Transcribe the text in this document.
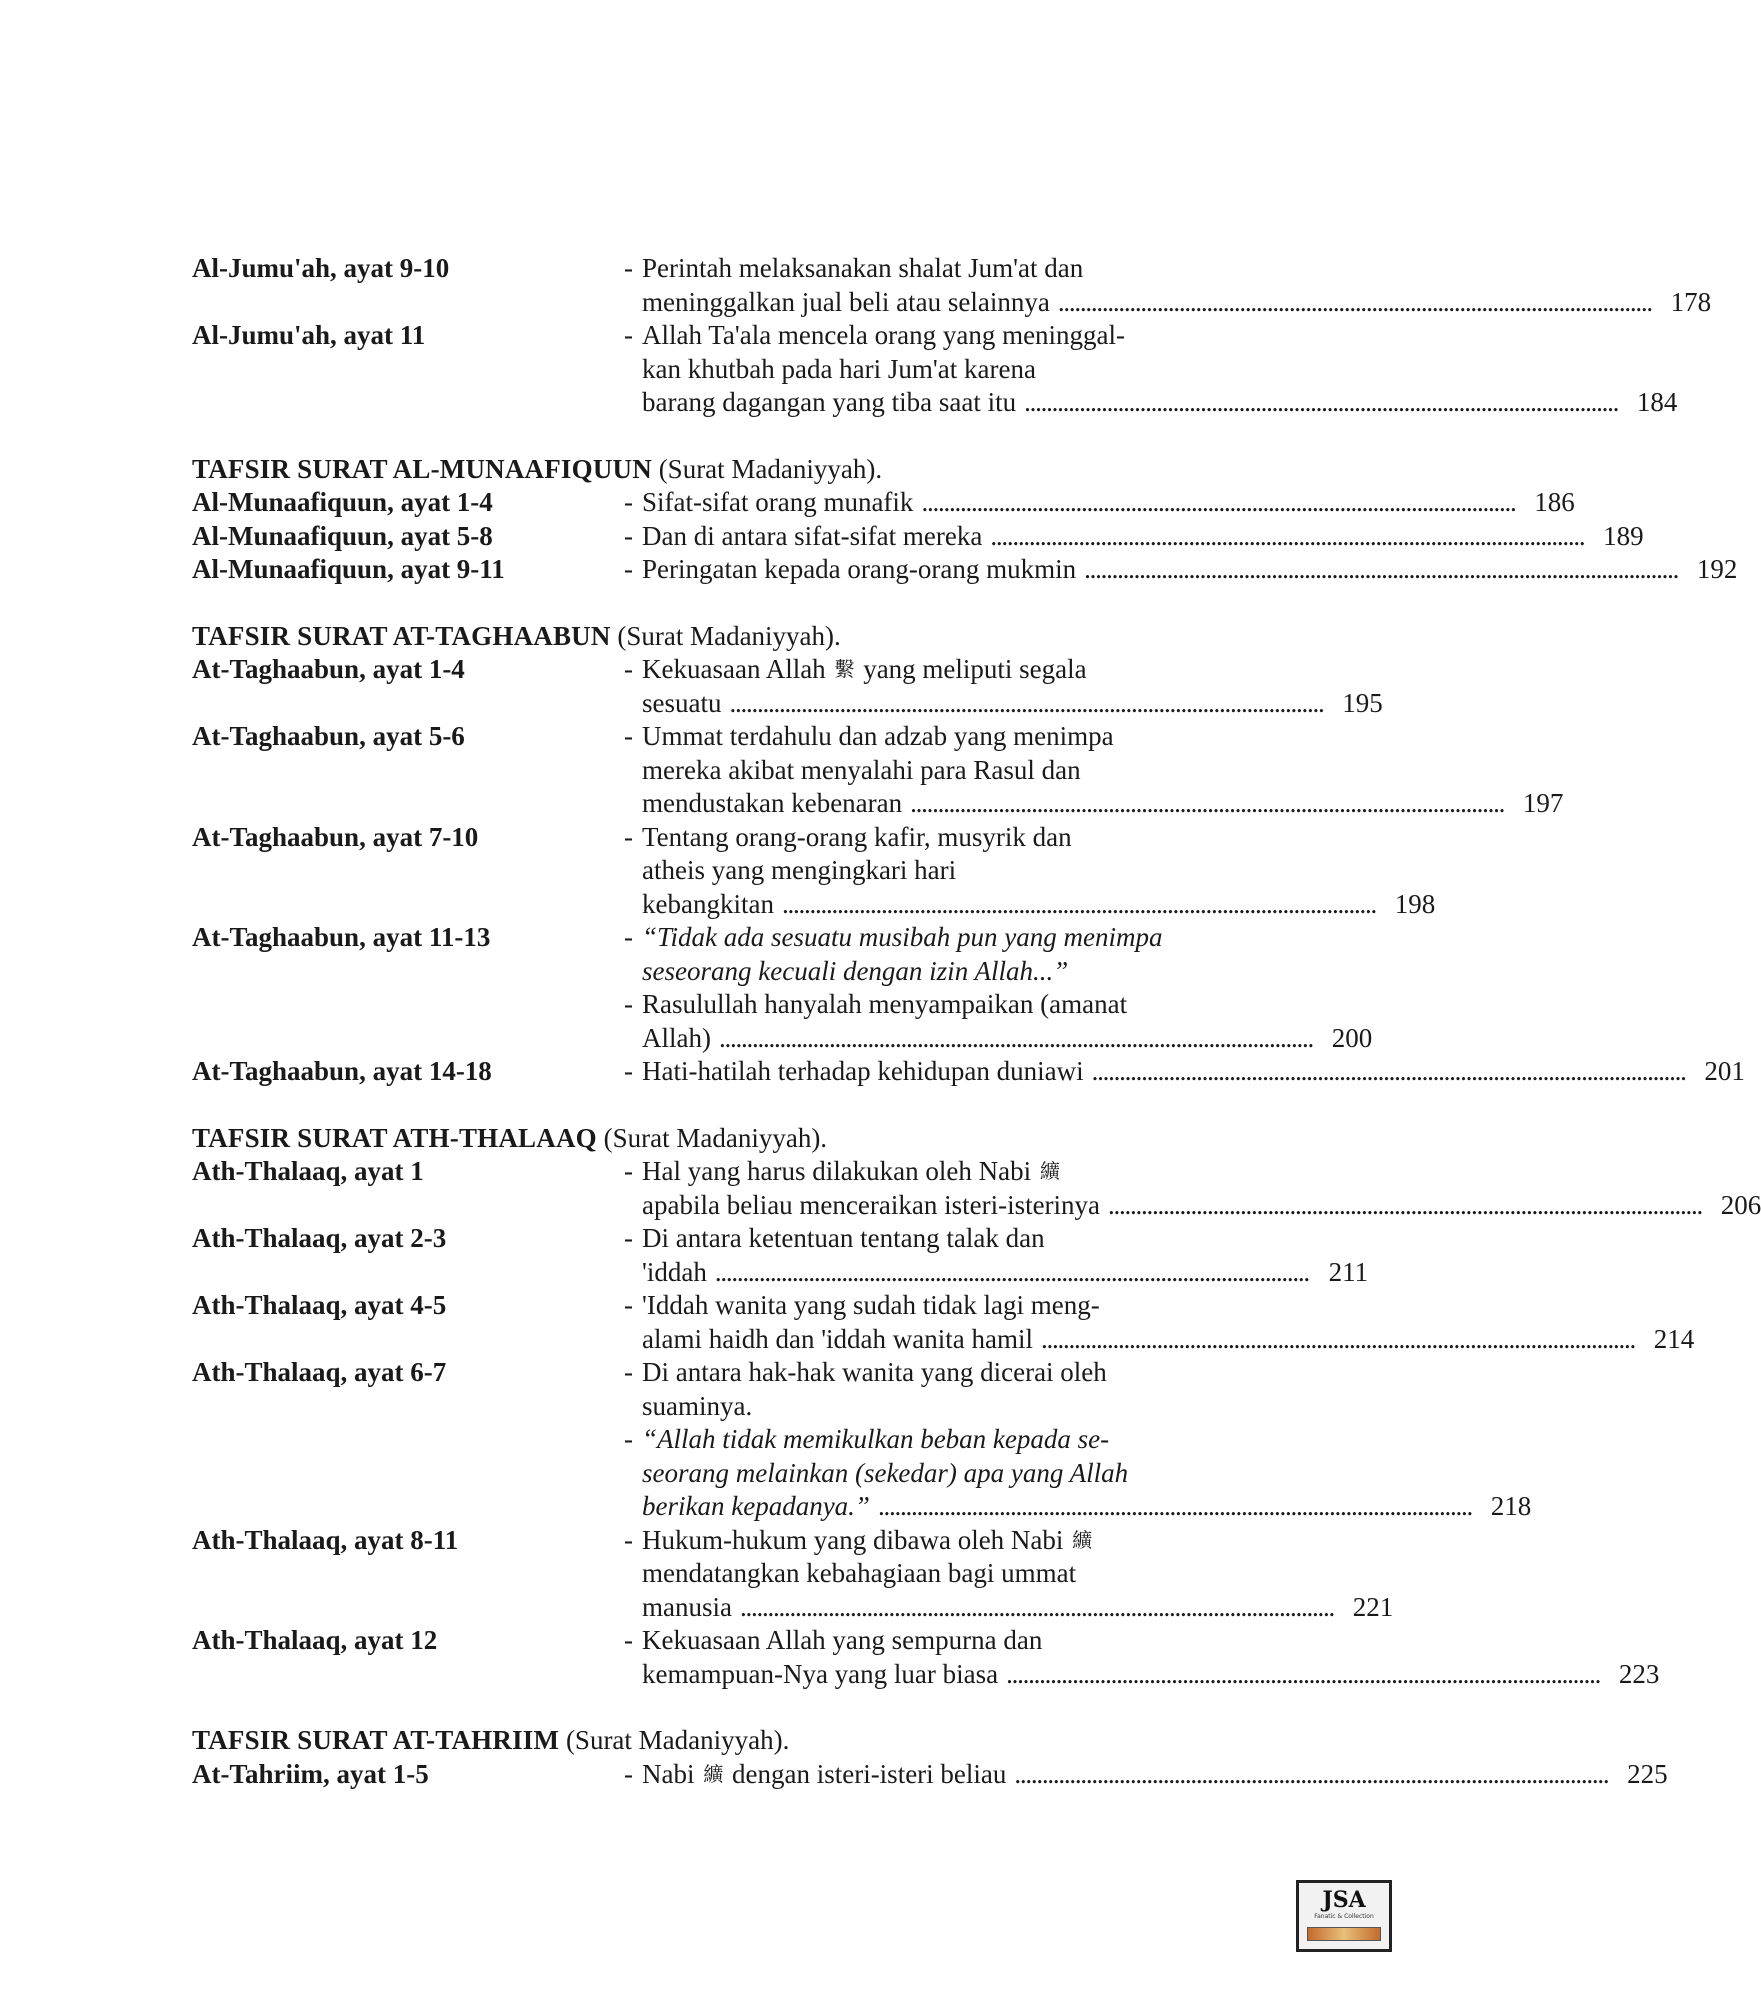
Al-Jumu'ah, ayat 9-10	- Perintah melaksanakan shalat Jum'at dan
meninggalkan jual beli atau selainnya . . .	178
Al-Jumu'ah, ayat 11	- Allah Ta'ala mencela orang yang meninggal-
kan khutbah pada hari Jum'at karena
barang dagangan yang tiba saat itu . . .	184
TAFSIR SURAT AL-MUNAAFIQUUN (Surat Madaniyyah).
Al-Munaafiquun, ayat 1-4	- Sifat-sifat orang munafik . . .	186
Al-Munaafiquun, ayat 5-8	- Dan di antara sifat-sifat mereka . . .	189
Al-Munaafiquun, ayat 9-11	- Peringatan kepada orang-orang mukmin . . .	192
TAFSIR SURAT AT-TAGHAABUN (Surat Madaniyyah).
At-Taghaabun, ayat 1-4	- Kekuasaan Allah 繫 yang meliputi segala
sesuatu . . .	195
At-Taghaabun, ayat 5-6	- Ummat terdahulu dan adzab yang menimpa
mereka akibat menyalahi para Rasul dan
mendustakan kebenaran . . .	197
At-Taghaabun, ayat 7-10	- Tentang orang-orang kafir, musyrik dan
atheis yang mengingkari hari
kebangkitan . . .	198
At-Taghaabun, ayat 11-13	- “Tidak ada sesuatu musibah pun yang menimpa
seseorang kecuali dengan izin Allah...”
- Rasulullah hanyalah menyampaikan (amanat
Allah) . . .	200
At-Taghaabun, ayat 14-18	- Hati-hatilah terhadap kehidupan duniawi . . .	201
TAFSIR SURAT ATH-THALAAQ (Surat Madaniyyah).
Ath-Thalaaq, ayat 1	- Hal yang harus dilakukan oleh Nabi 纊
apabila beliau menceraikan isteri-isterinya . . .	206
Ath-Thalaaq, ayat 2-3	- Di antara ketentuan tentang talak dan
'iddah . . .	211
Ath-Thalaaq, ayat 4-5	- 'Iddah wanita yang sudah tidak lagi meng-
alami haidh dan 'iddah wanita hamil . . .	214
Ath-Thalaaq, ayat 6-7	- Di antara hak-hak wanita yang dicerai oleh
suaminya.
- “Allah tidak memikulkan beban kepada se-
seorang melainkan (sekedar) apa yang Allah
berikan kepadanya.” . . .	218
Ath-Thalaaq, ayat 8-11	- Hukum-hukum yang dibawa oleh Nabi 纊
mendatangkan kebahagiaan bagi ummat
manusia . . .	221
Ath-Thalaaq, ayat 12	- Kekuasaan Allah yang sempurna dan
kemampuan-Nya yang luar biasa . . .	223
TAFSIR SURAT AT-TAHRIIM (Surat Madaniyyah).
At-Tahriim, ayat 1-5	- Nabi 纊 dengan isteri-isteri beliau . . .	225
JSA
Fanatic & Collection
